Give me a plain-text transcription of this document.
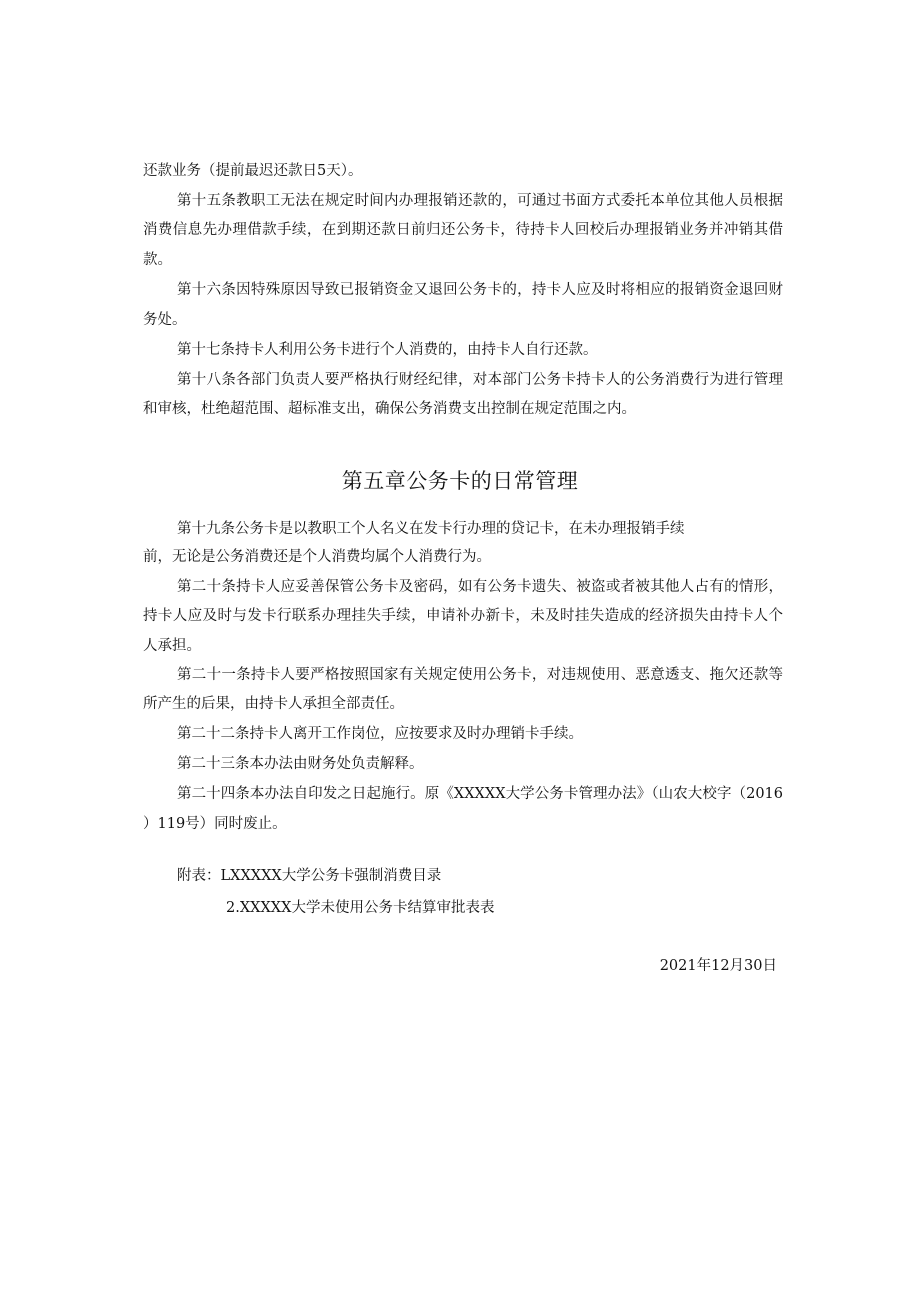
还款业务（提前最迟还款日5天）。
第十五条教职工无法在规定时间内办理报销还款的，可通过书面方式委托本单位其他人员根据
消费信息先办理借款手续，在到期还款日前归还公务卡，待持卡人回校后办理报销业务并冲销其借
款。
第十六条因特殊原因导致已报销资金又退回公务卡的，持卡人应及时将相应的报销资金退回财
务处。
第十七条持卡人利用公务卡进行个人消费的，由持卡人自行还款。
第十八条各部门负责人要严格执行财经纪律，对本部门公务卡持卡人的公务消费行为进行管理
和审核，杜绝超范围、超标准支出，确保公务消费支出控制在规定范围之内。
第五章公务卡的日常管理
第十九条公务卡是以教职工个人名义在发卡行办理的贷记卡，在未办理报销手续
前，无论是公务消费还是个人消费均属个人消费行为。
第二十条持卡人应妥善保管公务卡及密码，如有公务卡遗失、被盗或者被其他人占有的情形，
持卡人应及时与发卡行联系办理挂失手续，申请补办新卡，未及时挂失造成的经济损失由持卡人个
人承担。
第二十一条持卡人要严格按照国家有关规定使用公务卡，对违规使用、恶意透支、拖欠还款等
所产生的后果，由持卡人承担全部责任。
第二十二条持卡人离开工作岗位，应按要求及时办理销卡手续。
第二十三条本办法由财务处负责解释。
第二十四条本办法自印发之日起施行。原《XXXXX大学公务卡管理办法》（山农大校字（2016
）119号）同时废止。
附表：LXXXXX大学公务卡强制消费目录
2.XXXXX大学未使用公务卡结算审批表表
2021年12月30日
